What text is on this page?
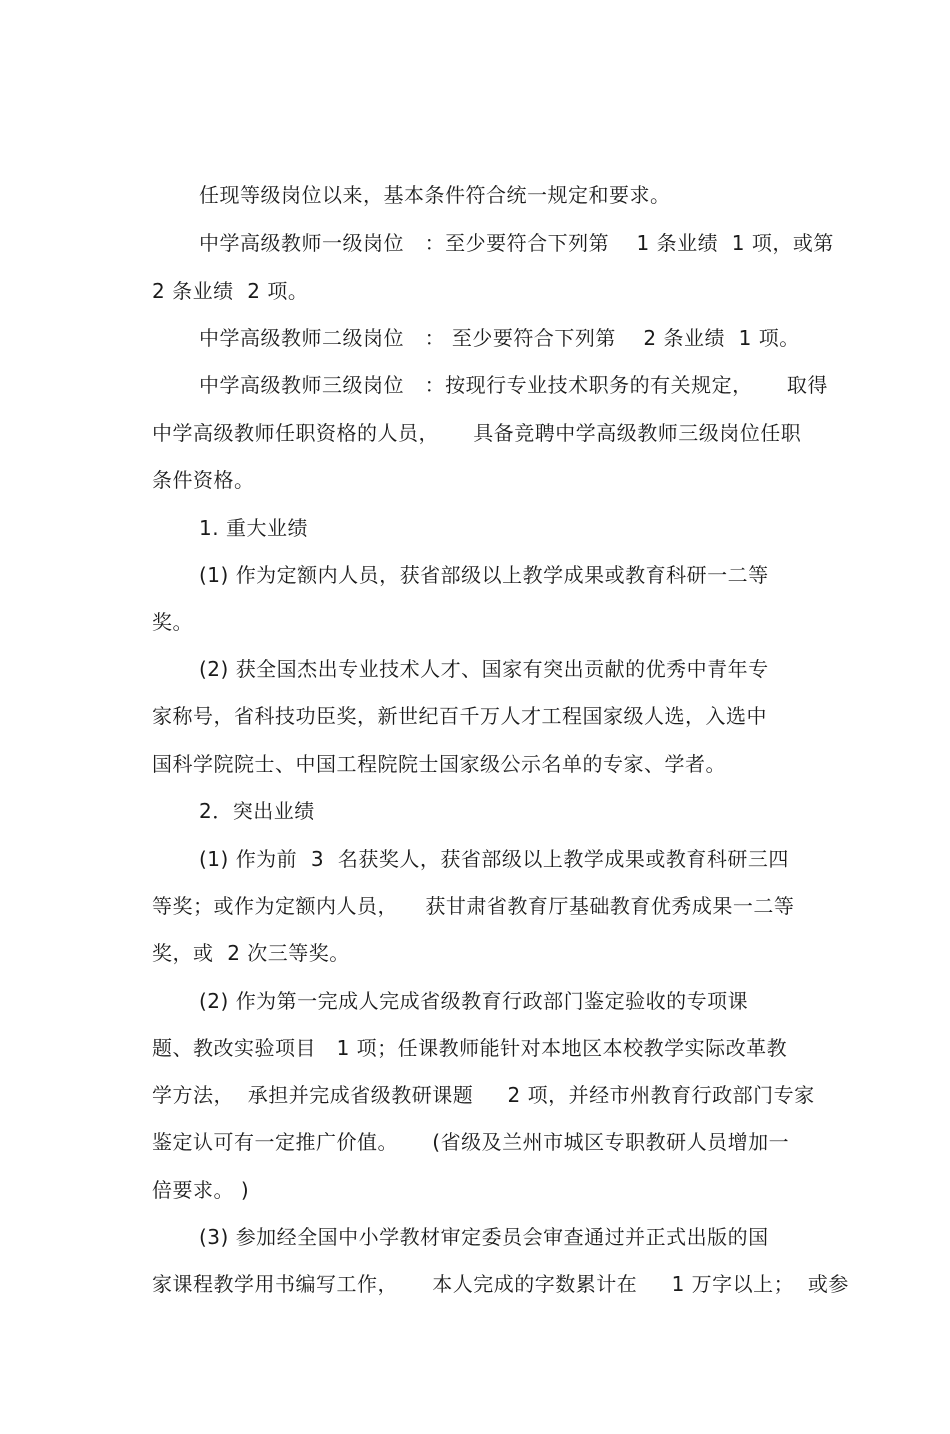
任现等级岗位以来，基本条件符合统一规定和要求。
中学高级教师一级岗位   ：至少要符合下列第    1 条业绩  1 项，或第
2 条业绩  2 项。
中学高级教师二级岗位   ： 至少要符合下列第    2 条业绩  1 项。
中学高级教师三级岗位   ：按现行专业技术职务的有关规定，     取得
中学高级教师任职资格的人员，     具备竞聘中学高级教师三级岗位任职
条件资格。
1. 重大业绩
(1) 作为定额内人员，获省部级以上教学成果或教育科研一二等
奖。
(2) 获全国杰出专业技术人才、国家有突出贡献的优秀中青年专
家称号，省科技功臣奖，新世纪百千万人才工程国家级人选，入选中
国科学院院士、中国工程院院士国家级公示名单的专家、学者。
2．突出业绩
(1) 作为前  3  名获奖人，获省部级以上教学成果或教育科研三四
等奖；或作为定额内人员，    获甘肃省教育厅基础教育优秀成果一二等
奖，或  2 次三等奖。
(2) 作为第一完成人完成省级教育行政部门鉴定验收的专项课
题、教改实验项目   1 项；任课教师能针对本地区本校教学实际改革教
学方法，  承担并完成省级教研课题     2 项，并经市州教育行政部门专家
鉴定认可有一定推广价值。     (省级及兰州市城区专职教研人员增加一
倍要求。 )
(3) 参加经全国中小学教材审定委员会审查通过并正式出版的国
家课程教学用书编写工作，     本人完成的字数累计在     1 万字以上；  或参
